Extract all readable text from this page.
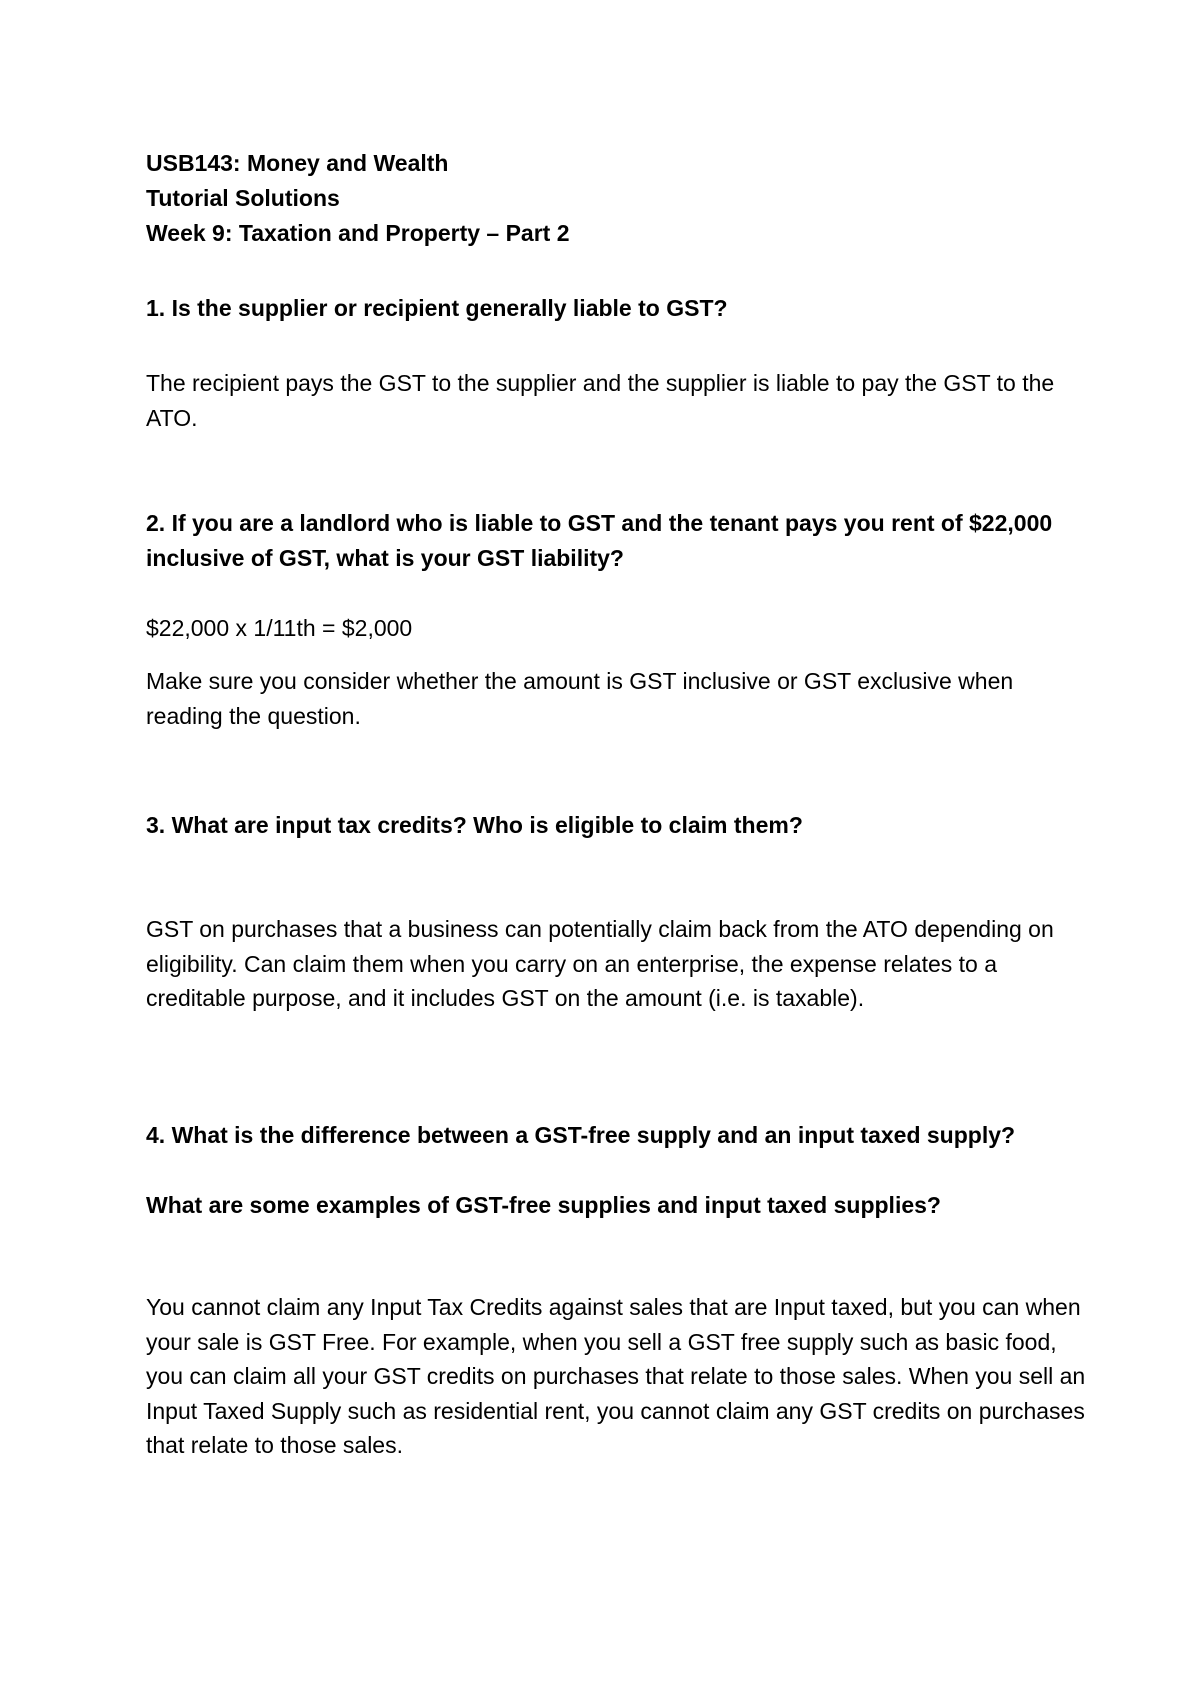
USB143: Money and Wealth

Tutorial Solutions

Week 9: Taxation and Property – Part 2

1. Is the supplier or recipient generally liable to GST?

The recipient pays the GST to the supplier and the supplier is liable to pay the GST to the ATO.

2. If you are a landlord who is liable to GST and the tenant pays you rent of $22,000 inclusive of GST, what is your GST liability?

$22,000 x 1/11th = $2,000

Make sure you consider whether the amount is GST inclusive or GST exclusive when reading the question.

3. What are input tax credits? Who is eligible to claim them?

GST on purchases that a business can potentially claim back from the ATO depending on eligibility. Can claim them when you carry on an enterprise, the expense relates to a creditable purpose, and it includes GST on the amount (i.e. is taxable).

4. What is the difference between a GST-free supply and an input taxed supply?

What are some examples of GST-free supplies and input taxed supplies?

You cannot claim any Input Tax Credits against sales that are Input taxed, but you can when your sale is GST Free. For example, when you sell a GST free supply such as basic food, you can claim all your GST credits on purchases that relate to those sales. When you sell an Input Taxed Supply such as residential rent, you cannot claim any GST credits on purchases that relate to those sales.
